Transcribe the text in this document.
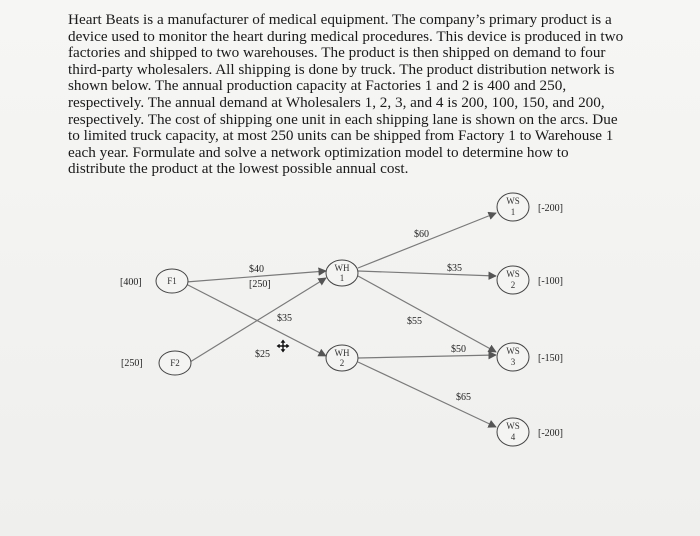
Heart Beats is a manufacturer of medical equipment. The company’s primary product is a device used to monitor the heart during medical procedures. This device is produced in two factories and shipped to two warehouses. The product is then shipped on demand to four third-party wholesalers. All shipping is done by truck. The product distribution network is shown below. The annual production capacity at Factories 1 and 2 is 400 and 250, respectively. The annual demand at Wholesalers 1, 2, 3, and 4 is 200, 100, 150, and 200, respectively. The cost of shipping one unit in each shipping lane is shown on the arcs. Due to limited truck capacity, at most 250 units can be shipped from Factory 1 to Warehouse 1 each year. Formulate and solve a network optimization model to determine how to distribute the product at the lowest possible annual cost.

$40
[250]
$35
$25
$60
$35
$55
$50
$65
[400]
[250]
F1
F2
WH
1
WH
2
WS
1 [-200]
WS
2 [-100]
WS
3 [-150]
WS
4 [-200]
